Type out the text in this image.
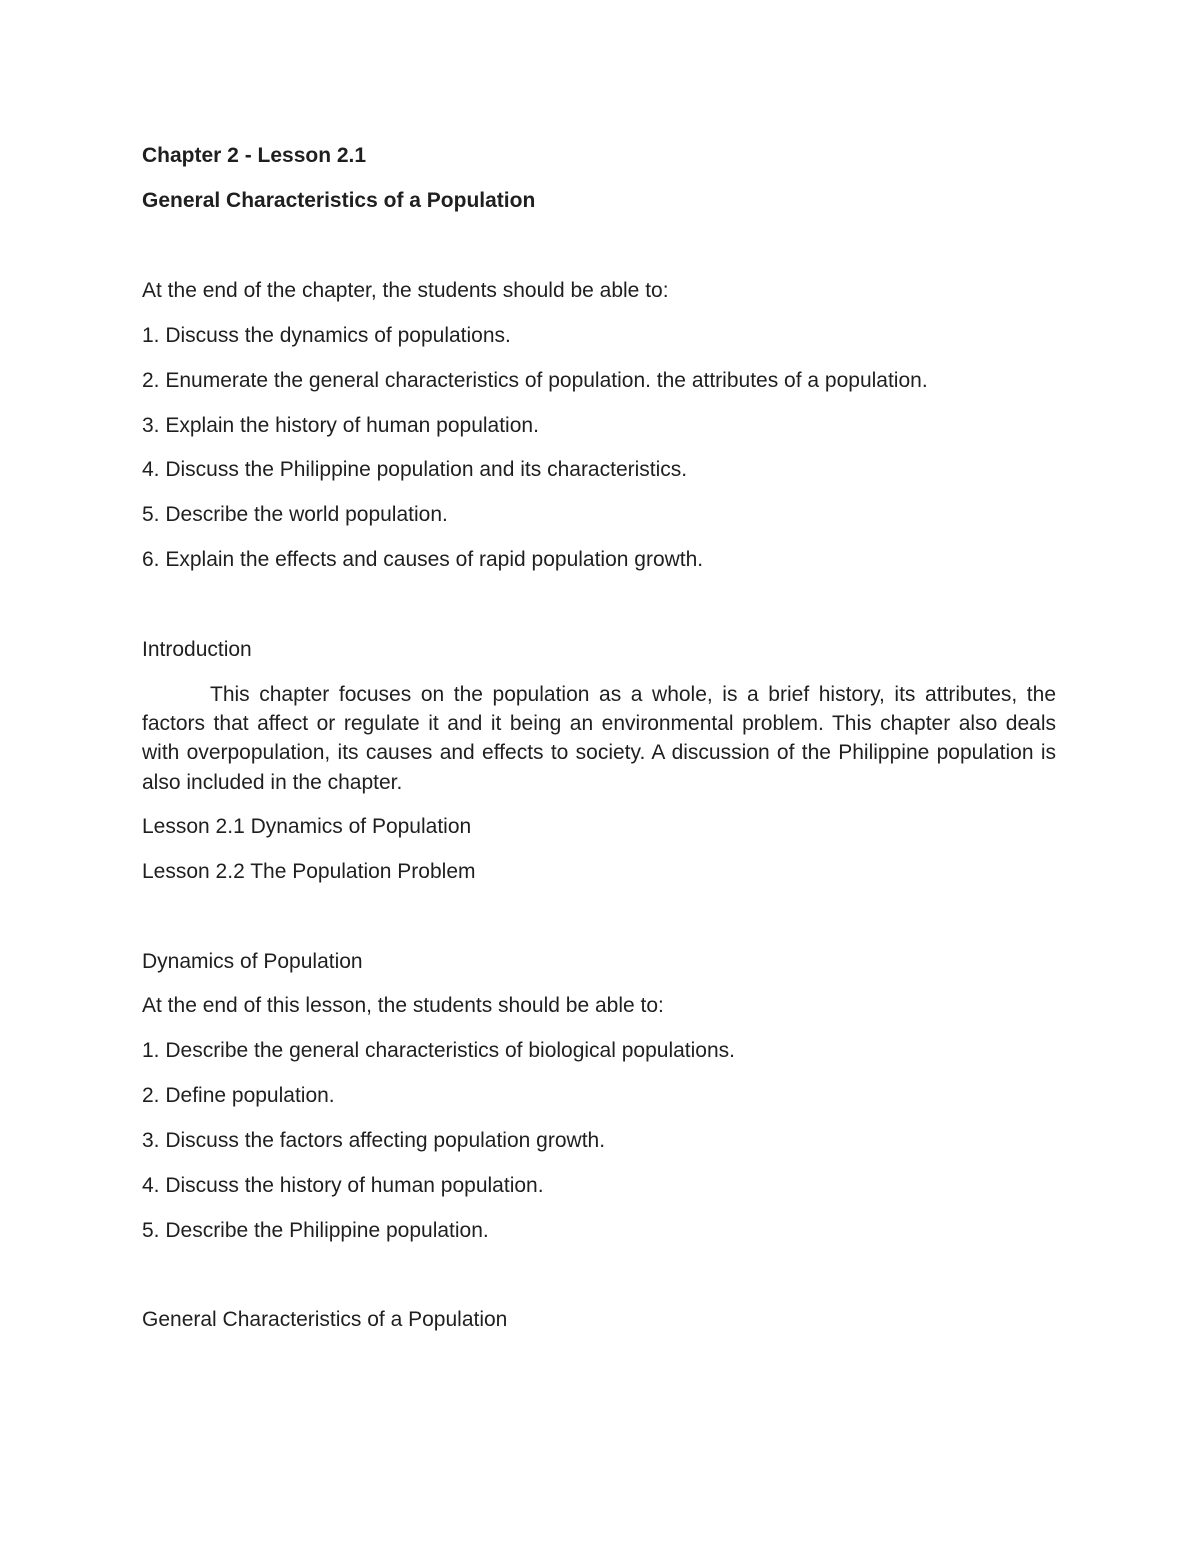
Chapter 2 - Lesson 2.1

General Characteristics of a Population

At the end of the chapter, the students should be able to:

1. Discuss the dynamics of populations.

2. Enumerate the general characteristics of population. the attributes of a population.

3. Explain the history of human population.

4. Discuss the Philippine population and its characteristics.

5. Describe the world population.

6. Explain the effects and causes of rapid population growth.

Introduction

This chapter focuses on the population as a whole, is a brief history, its attributes, the factors that affect or regulate it and it being an environmental problem. This chapter also deals with overpopulation, its causes and effects to society. A discussion of the Philippine population is also included in the chapter.

Lesson 2.1 Dynamics of Population

Lesson 2.2 The Population Problem

Dynamics of Population

At the end of this lesson, the students should be able to:

1. Describe the general characteristics of biological populations.

2. Define population.

3. Discuss the factors affecting population growth.

4. Discuss the history of human population.

5. Describe the Philippine population.

General Characteristics of a Population
